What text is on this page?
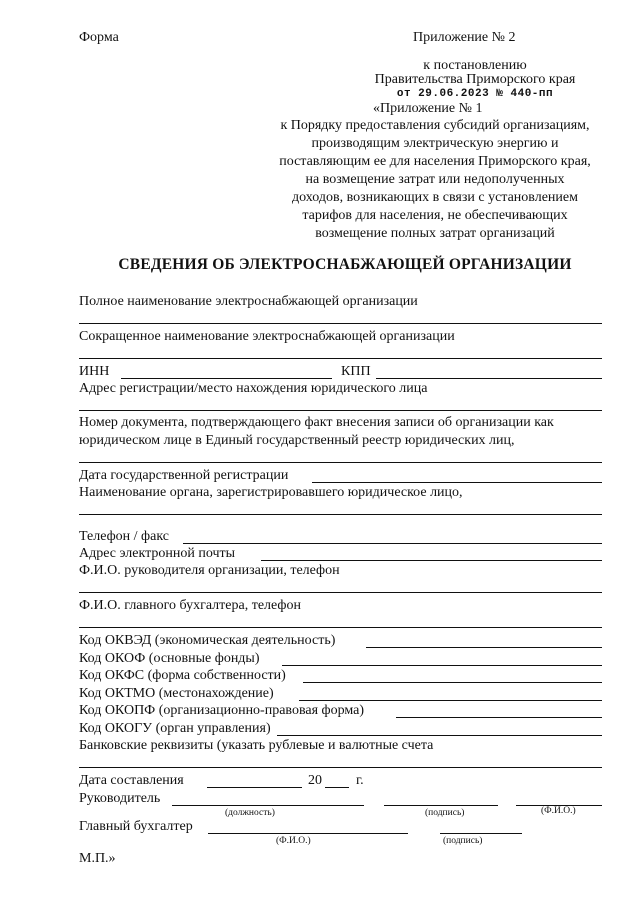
Форма	Приложение № 2
к постановлению
Правительства Приморского края
от 29.06.2023 № 440-пп
«Приложение № 1
к Порядку предоставления субсидий организациям,
производящим электрическую энергию и
поставляющим ее для населения Приморского края,
на возмещение затрат или недополученных
доходов, возникающих в связи с установлением
тарифов для населения, не обеспечивающих
возмещение полных затрат организаций
СВЕДЕНИЯ ОБ ЭЛЕКТРОСНАБЖАЮЩЕЙ ОРГАНИЗАЦИИ
Полное наименование электроснабжающей организации
Сокращенное наименование электроснабжающей организации
ИНН	КПП
Адрес регистрации/место нахождения юридического лица
Номер документа, подтверждающего факт внесения записи об организации как
юридическом лице в Единый государственный реестр юридических лиц,
Дата государственной регистрации
Наименование органа, зарегистрировавшего юридическое лицо,
Телефон / факс
Адрес электронной почты
Ф.И.О. руководителя организации, телефон
Ф.И.О. главного бухгалтера, телефон
Код ОКВЭД (экономическая деятельность)
Код ОКОФ (основные фонды)
Код ОКФС (форма собственности)
Код ОКТМО (местонахождение)
Код ОКОПФ (организационно-правовая форма)
Код ОКОГУ (орган управления)
Банковские реквизиты (указать рублевые и валютные счета
Дата составления	20 г.
Руководитель
(должность)	(подпись)	(Ф.И.О.)
Главный бухгалтер
(Ф.И.О.)	(подпись)
М.П.»
